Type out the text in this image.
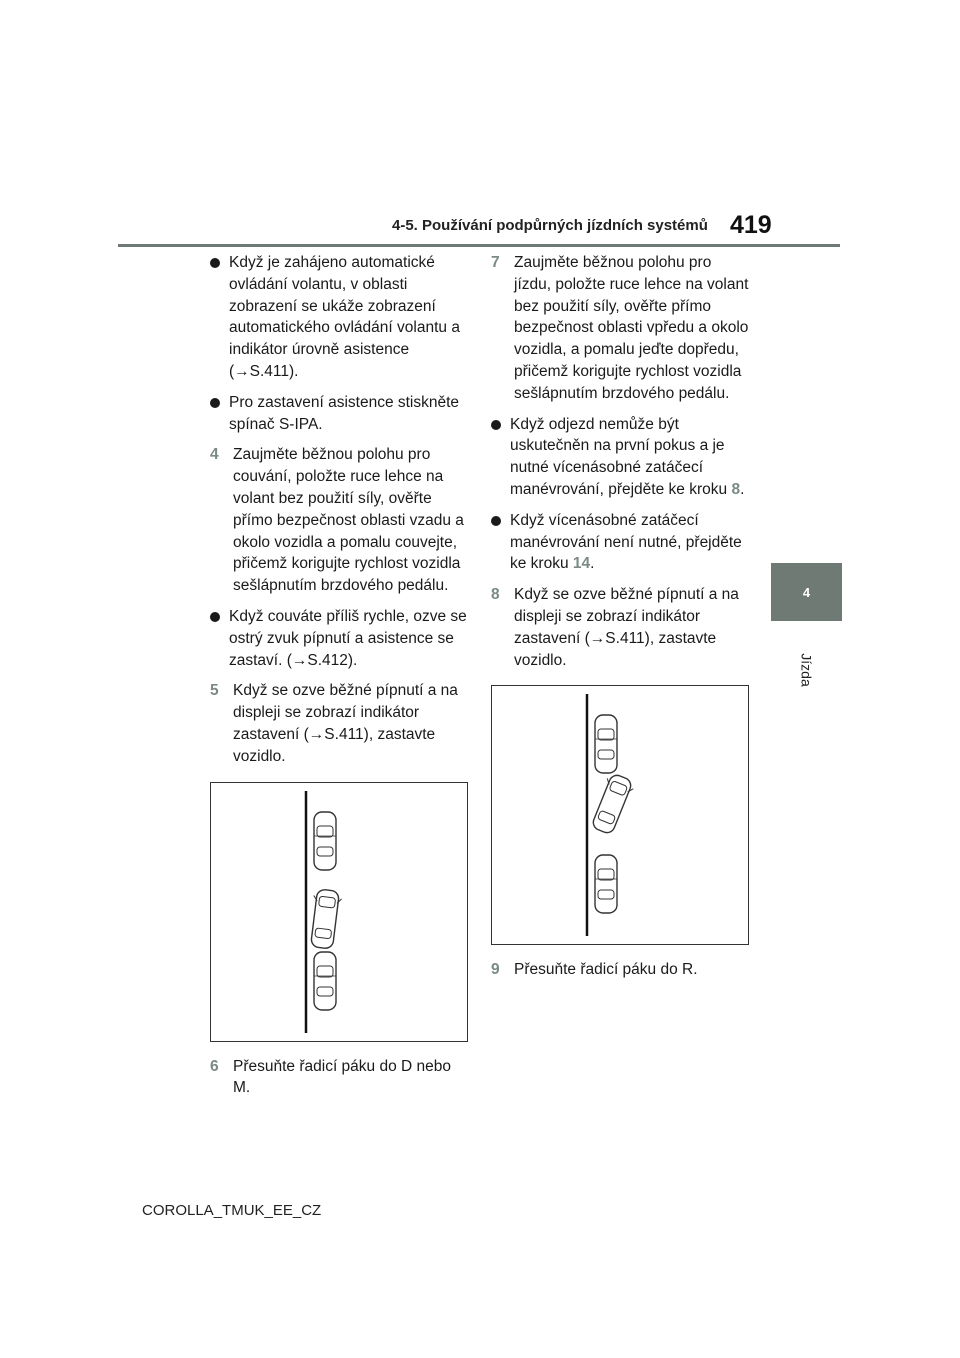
4-5. Používání podpůrných jízdních systémů 419
4
Jízda

Když je zahájeno automatické ovládání volantu, v oblasti zobrazení se ukáže zobrazení automatického ovládání volantu a indikátor úrovně asistence (→S.411).

Pro zastavení asistence stiskněte spínač S-IPA.

4 Zaujměte běžnou polohu pro couvání, položte ruce lehce na volant bez použití síly, ověřte přímo bezpečnost oblasti vzadu a okolo vozidla a pomalu couvejte, přičemž korigujte rychlost vozidla sešlápnutím brzdového pedálu.

Když couváte příliš rychle, ozve se ostrý zvuk pípnutí a asistence se zastaví. (→S.412).

5 Když se ozve běžné pípnutí a na displeji se zobrazí indikátor zastavení (→S.411), zastavte vozidlo.

6 Přesuňte řadicí páku do D nebo M.

7 Zaujměte běžnou polohu pro jízdu, položte ruce lehce na volant bez použití síly, ověřte přímo bezpečnost oblasti vpředu a okolo vozidla, a pomalu jeďte dopředu, přičemž korigujte rychlost vozidla sešlápnutím brzdového pedálu.

Když odjezd nemůže být uskutečněn na první pokus a je nutné vícenásobné zatáčecí manévrování, přejděte ke kroku 8.

Když vícenásobné zatáčecí manévrování není nutné, přejděte ke kroku 14.

8 Když se ozve běžné pípnutí a na displeji se zobrazí indikátor zastavení (→S.411), zastavte vozidlo.

9 Přesuňte řadicí páku do R.

COROLLA_TMUK_EE_CZ
